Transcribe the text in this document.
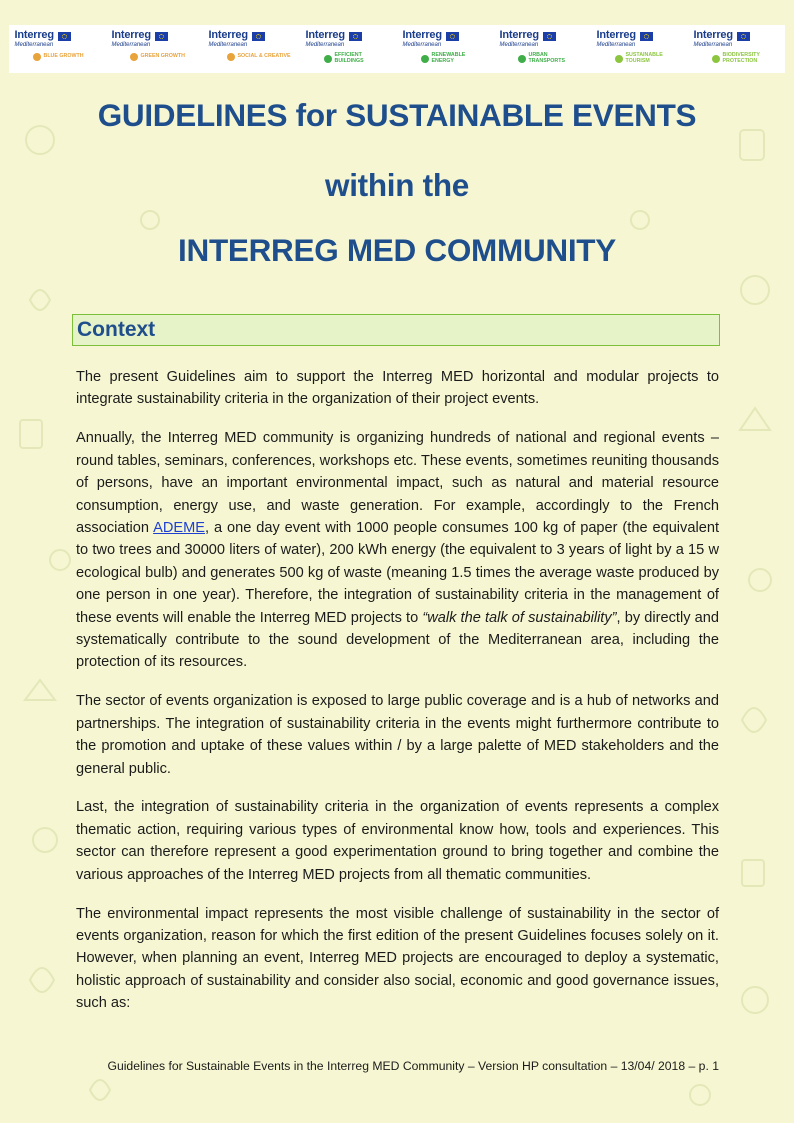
Interreg
Mediterranean
BLUE GROWTH
Interreg
Mediterranean
GREEN GROWTH
Interreg
Mediterranean
SOCIAL & CREATIVE
Interreg
Mediterranean
EFFICIENT BUILDINGS
Interreg
Mediterranean
RENEWABLE ENERGY
Interreg
Mediterranean
URBAN TRANSPORTS
Interreg
Mediterranean
SUSTAINABLE TOURISM
Interreg
Mediterranean
BIODIVERSITY PROTECTION
GUIDELINES for SUSTAINABLE EVENTS
within the
INTERREG MED COMMUNITY
Context

The present Guidelines aim to support the Interreg MED horizontal and modular projects to integrate sustainability criteria in the organization of their project events.

Annually, the Interreg MED community is organizing hundreds of national and regional events – round tables, seminars, conferences, workshops etc. These events, sometimes reuniting thousands of persons, have an important environmental impact, such as natural and material resource consumption, energy use, and waste generation. For example, accordingly to the French association ADEME, a one day event with 1000 people consumes 100 kg of paper (the equivalent to two trees and 30000 liters of water), 200 kWh energy (the equivalent to 3 years of light by a 15 w ecological bulb) and generates 500 kg of waste (meaning 1.5 times the average waste produced by one person in one year). Therefore, the integration of sustainability criteria in the management of these events will enable the Interreg MED projects to “walk the talk of sustainability”, by directly and systematically contribute to the sound development of the Mediterranean area, including the protection of its resources.

The sector of events organization is exposed to large public coverage and is a hub of networks and partnerships. The integration of sustainability criteria in the events might furthermore contribute to the promotion and uptake of these values within / by a large palette of MED stakeholders and the general public.

Last, the integration of sustainability criteria in the organization of events represents a complex thematic action, requiring various types of environmental know how, tools and experiences. This sector can therefore represent a good experimentation ground to bring together and combine the various approaches of the Interreg MED projects from all thematic communities.

The environmental impact represents the most visible challenge of sustainability in the sector of events organization, reason for which the first edition of the present Guidelines focuses solely on it. However, when planning an event, Interreg MED projects are encouraged to deploy a systematic, holistic approach of sustainability and consider also social, economic and good governance issues, such as:

Guidelines for Sustainable Events in the Interreg MED Community – Version HP consultation – 13/04/ 2018 – p. 1
